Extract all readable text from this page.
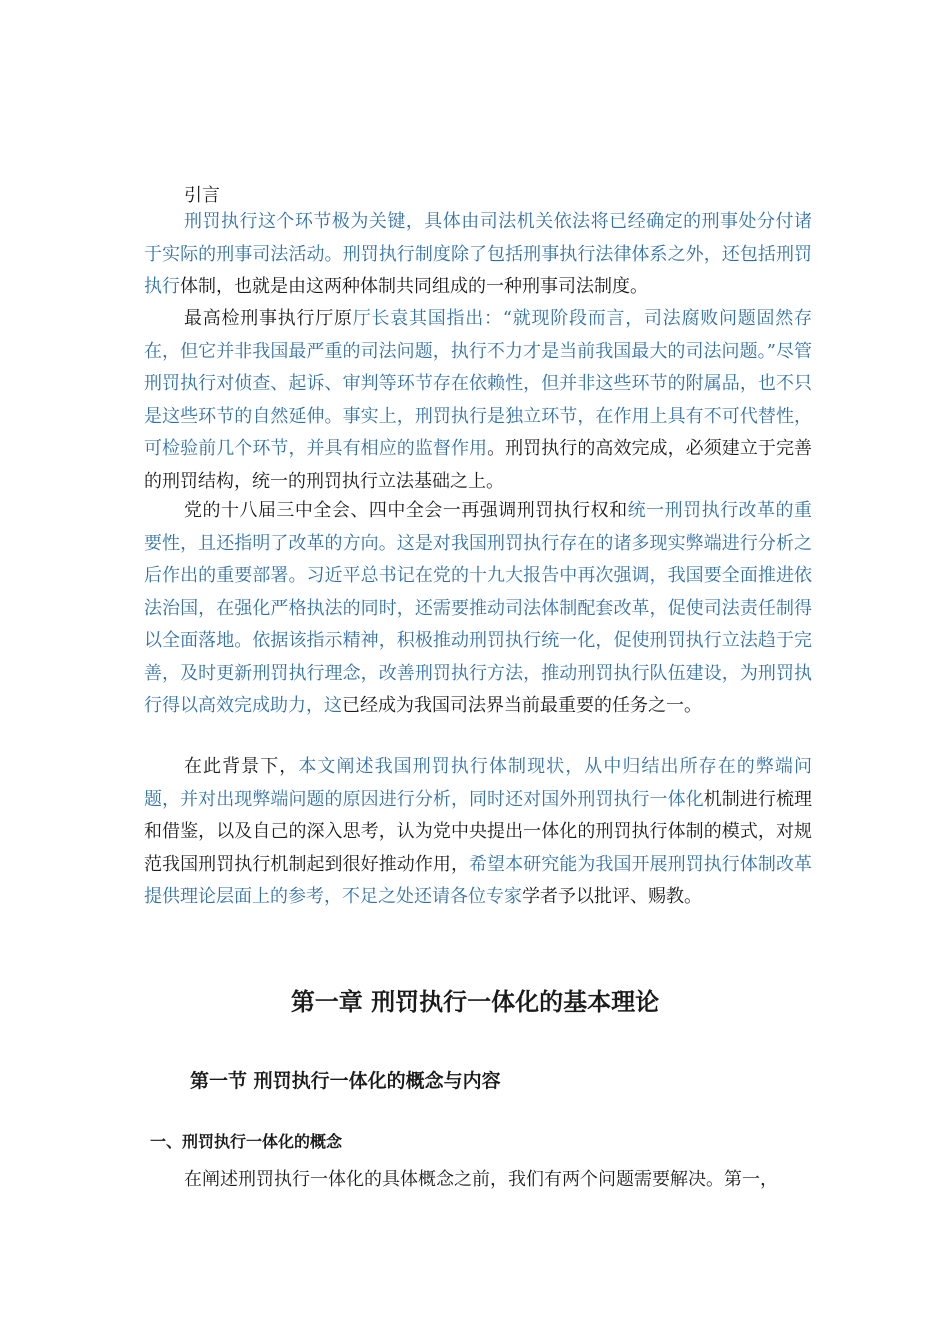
引言

刑罚执行这个环节极为关键，具体由司法机关依法将已经确定的刑事处分付诸于实际的刑事司法活动。刑罚执行制度除了包括刑事执行法律体系之外，还包括刑罚执行体制，也就是由这两种体制共同组成的一种刑事司法制度。

最高检刑事执行厅原厅长袁其国指出：“就现阶段而言，司法腐败问题固然存在，但它并非我国最严重的司法问题，执行不力才是当前我国最大的司法问题。”尽管刑罚执行对侦查、起诉、审判等环节存在依赖性，但并非这些环节的附属品，也不只是这些环节的自然延伸。事实上，刑罚执行是独立环节，在作用上具有不可代替性，可检验前几个环节，并具有相应的监督作用。刑罚执行的高效完成，必须建立于完善的刑罚结构，统一的刑罚执行立法基础之上。

党的十八届三中全会、四中全会一再强调刑罚执行权和统一刑罚执行改革的重要性，且还指明了改革的方向。这是对我国刑罚执行存在的诸多现实弊端进行分析之后作出的重要部署。习近平总书记在党的十九大报告中再次强调，我国要全面推进依法治国，在强化严格执法的同时，还需要推动司法体制配套改革，促使司法责任制得以全面落地。依据该指示精神，积极推动刑罚执行统一化，促使刑罚执行立法趋于完善，及时更新刑罚执行理念，改善刑罚执行方法，推动刑罚执行队伍建设，为刑罚执行得以高效完成助力，这已经成为我国司法界当前最重要的任务之一。

在此背景下，本文阐述我国刑罚执行体制现状，从中归结出所存在的弊端问题，并对出现弊端问题的原因进行分析，同时还对国外刑罚执行一体化机制进行梳理和借鉴，以及自己的深入思考，认为党中央提出一体化的刑罚执行体制的模式，对规范我国刑罚执行机制起到很好推动作用，希望本研究能为我国开展刑罚执行体制改革提供理论层面上的参考，不足之处还请各位专家学者予以批评、赐教。

第一章 刑罚执行一体化的基本理论
第一节 刑罚执行一体化的概念与内容
一、刑罚执行一体化的概念

在阐述刑罚执行一体化的具体概念之前，我们有两个问题需要解决。第一，
